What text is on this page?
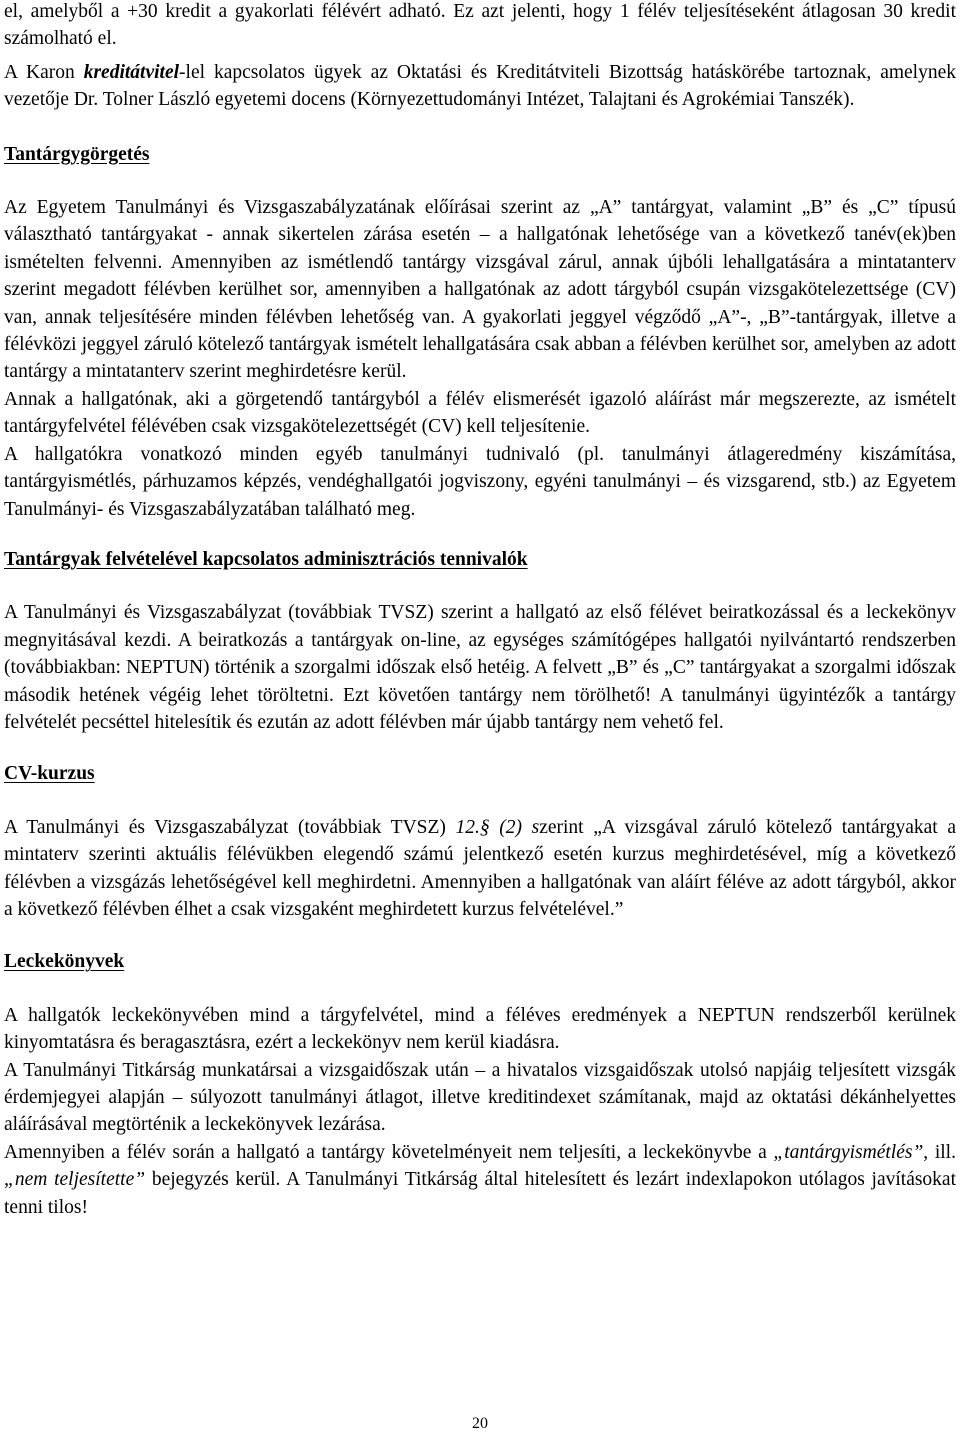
el, amelyből a +30 kredit a gyakorlati félévért adható. Ez azt jelenti, hogy 1 félév teljesítéseként átlagosan 30 kredit számolható el.

A Karon kreditátvitel-lel kapcsolatos ügyek az Oktatási és Kreditátviteli Bizottság hatáskörébe tartoznak, amelynek vezetője Dr. Tolner László egyetemi docens (Környezettudományi Intézet, Talajtani és Agrokémiai Tanszék).

Tantárgygörgetés

Az Egyetem Tanulmányi és Vizsgaszabályzatának előírásai szerint az „A” tantárgyat, valamint „B” és „C” típusú választható tantárgyakat - annak sikertelen zárása esetén – a hallgatónak lehetősége van a következő tanév(ek)ben ismételten felvenni. Amennyiben az ismétlendő tantárgy vizsgával zárul, annak újbóli lehallgatására a mintatanterv szerint megadott félévben kerülhet sor, amennyiben a hallgatónak az adott tárgyból csupán vizsgakötelezettsége (CV) van, annak teljesítésére minden félévben lehetőség van. A gyakorlati jeggyel végződő „A”-, „B”-tantárgyak, illetve a félévközi jeggyel záruló kötelező tantárgyak ismételt lehallgatására csak abban a félévben kerülhet sor, amelyben az adott tantárgy a mintatanterv szerint meghirdetésre kerül.

Annak a hallgatónak, aki a görgetendő tantárgyból a félév elismerését igazoló aláírást már megszerezte, az ismételt tantárgyfelvétel félévében csak vizsgakötelezettségét (CV) kell teljesítenie.

A hallgatókra vonatkozó minden egyéb tanulmányi tudnivaló (pl. tanulmányi átlageredmény kiszámítása, tantárgyismétlés, párhuzamos képzés, vendéghallgatói jogviszony, egyéni tanulmányi – és vizsgarend, stb.) az Egyetem Tanulmányi- és Vizsgaszabályzatában található meg.

Tantárgyak felvételével kapcsolatos adminisztrációs tennivalók

A Tanulmányi és Vizsgaszabályzat (továbbiak TVSZ) szerint a hallgató az első félévet beiratkozással és a leckekönyv megnyitásával kezdi. A beiratkozás a tantárgyak on-line, az egységes számítógépes hallgatói nyilvántartó rendszerben (továbbiakban: NEPTUN) történik a szorgalmi időszak első hetéig. A felvett „B” és „C” tantárgyakat a szorgalmi időszak második hetének végéig lehet töröltetni. Ezt követően tantárgy nem törölhető! A tanulmányi ügyintézők a tantárgy felvételét pecséttel hitelesítik és ezután az adott félévben már újabb tantárgy nem vehető fel.

CV-kurzus

A Tanulmányi és Vizsgaszabályzat (továbbiak TVSZ) 12.§ (2) szerint „A vizsgával záruló kötelező tantárgyakat a mintaterv szerinti aktuális félévükben elegendő számú jelentkező esetén kurzus meghirdetésével, míg a következő félévben a vizsgázás lehetőségével kell meghirdetni. Amennyiben a hallgatónak van aláírt féléve az adott tárgyból, akkor a következő félévben élhet a csak vizsgaként meghirdetett kurzus felvételével.”

Leckekönyvek

A hallgatók leckekönyvében mind a tárgyfelvétel, mind a féléves eredmények a NEPTUN rendszerből kerülnek kinyomtatásra és beragasztásra, ezért a leckekönyv nem kerül kiadásra.

A Tanulmányi Titkárság munkatársai a vizsgaidőszak után – a hivatalos vizsgaidőszak utolsó napjáig teljesített vizsgák érdemjegyei alapján – súlyozott tanulmányi átlagot, illetve kreditindexet számítanak, majd az oktatási dékánhelyettes aláírásával megtörténik a leckekönyvek lezárása.

Amennyiben a félév során a hallgató a tantárgy követelményeit nem teljesíti, a leckekönyvbe a „tantárgyismétlés”, ill. „nem teljesítette” bejegyzés kerül. A Tanulmányi Titkárság által hitelesített és lezárt indexlapokon utólagos javításokat tenni tilos!

20
